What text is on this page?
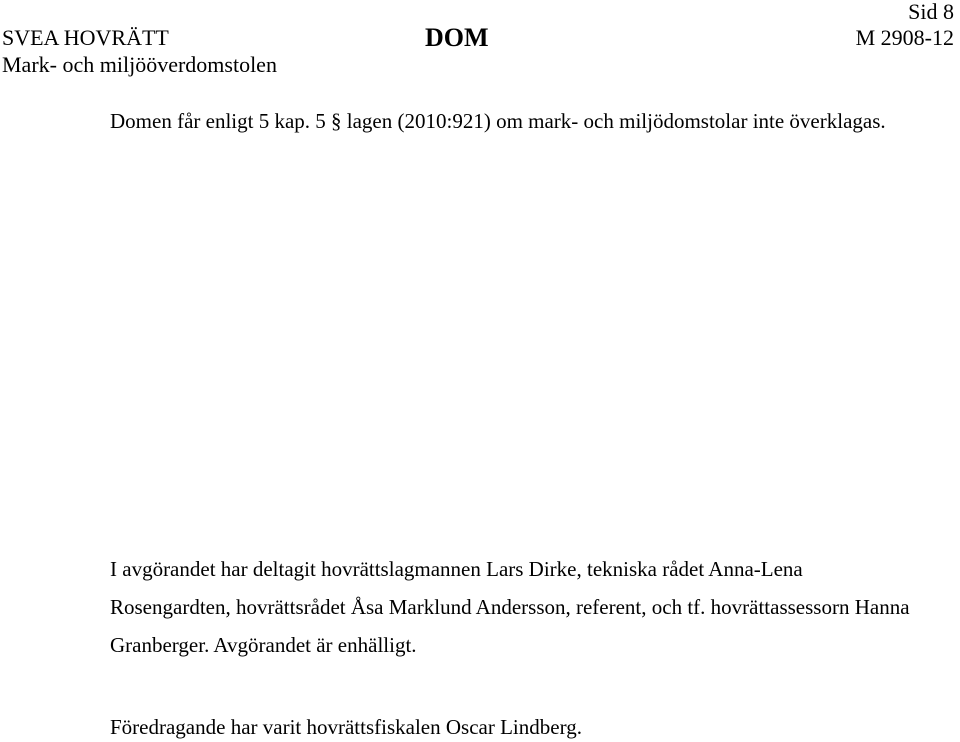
Sid 8
SVEA HOVRÄTT
Mark- och miljööverdomstolen
DOM	M 2908-12

Domen får enligt 5 kap. 5 § lagen (2010:921) om mark- och miljödomstolar inte överklagas.

I avgörandet har deltagit hovrättslagmannen Lars Dirke, tekniska rådet Anna-Lena Rosengardten, hovrättsrådet Åsa Marklund Andersson, referent, och tf. hovrättassessorn Hanna Granberger. Avgörandet är enhälligt.

Föredragande har varit hovrättsfiskalen Oscar Lindberg.
